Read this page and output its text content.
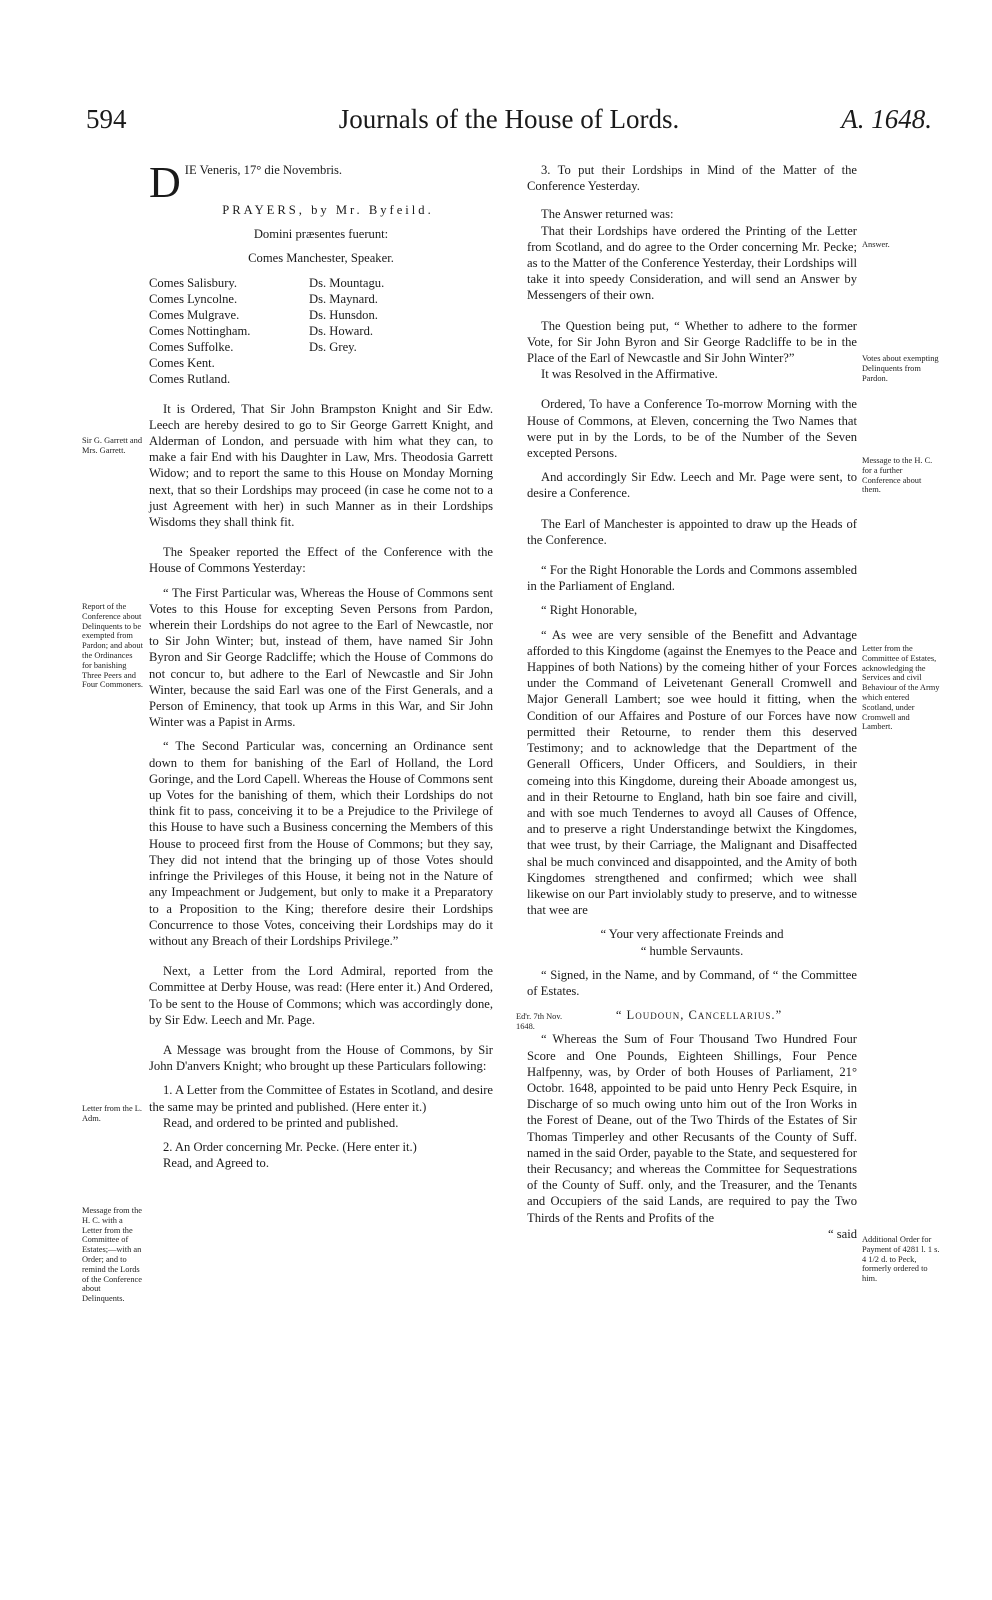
594	Journals of the House of Lords.	A. 1648.

D IE Veneris, 17° die Novembris.

PRAYERS, by Mr. Byfeild.

Domini præsentes fuerunt:

Comes Manchester, Speaker.

Comes Salisbury.
Comes Lyncolne.
Comes Mulgrave.
Comes Nottingham.
Comes Suffolke.
Comes Kent.
Comes Rutland.
Ds. Mountagu.
Ds. Maynard.
Ds. Hunsdon.
Ds. Howard.
Ds. Grey.

It is Ordered, That Sir John Brampston Knight and Sir Edw. Leech are hereby desired to go to Sir George Garrett Knight, and Alderman of London, and persuade with him what they can, to make a fair End with his Daughter in Law, Mrs. Theodosia Garrett Widow; and to report the same to this House on Monday Morning next, that so their Lordships may proceed (in case he come not to a just Agreement with her) in such Manner as in their Lordships Wisdoms they shall think fit.

The Speaker reported the Effect of the Conference with the House of Commons Yesterday:

“ The First Particular was, Whereas the House of Commons sent Votes to this House for excepting Seven Persons from Pardon, wherein their Lordships do not agree to the Earl of Newcastle, nor to Sir John Winter; but, instead of them, have named Sir John Byron and Sir George Radcliffe; which the House of Commons do not concur to, but adhere to the Earl of Newcastle and Sir John Winter, because the said Earl was one of the First Generals, and a Person of Eminency, that took up Arms in this War, and Sir John Winter was a Papist in Arms.

“ The Second Particular was, concerning an Ordinance sent down to them for banishing of the Earl of Holland, the Lord Goringe, and the Lord Capell. Whereas the House of Commons sent up Votes for the banishing of them, which their Lordships do not think fit to pass, conceiving it to be a Prejudice to the Privilege of this House to have such a Business concerning the Members of this House to proceed first from the House of Commons; but they say, They did not intend that the bringing up of those Votes should infringe the Privileges of this House, it being not in the Nature of any Impeachment or Judgement, but only to make it a Preparatory to a Proposition to the King; therefore desire their Lordships Concurrence to those Votes, conceiving their Lordships may do it without any Breach of their Lordships Privilege.”

Next, a Letter from the Lord Admiral, reported from the Committee at Derby House, was read: (Here enter it.) And Ordered, To be sent to the House of Commons; which was accordingly done, by Sir Edw. Leech and Mr. Page.

A Message was brought from the House of Commons, by Sir John D'anvers Knight; who brought up these Particulars following:

1. A Letter from the Committee of Estates in Scotland, and desire the same may be printed and published. (Here enter it.)

Read, and ordered to be printed and published.

2. An Order concerning Mr. Pecke. (Here enter it.)

Read, and Agreed to.

3. To put their Lordships in Mind of the Matter of the Conference Yesterday.

The Answer returned was:

That their Lordships have ordered the Printing of the Letter from Scotland, and do agree to the Order concerning Mr. Pecke; as to the Matter of the Conference Yesterday, their Lordships will take it into speedy Consideration, and will send an Answer by Messengers of their own.

The Question being put, “ Whether to adhere to the former Vote, for Sir John Byron and Sir George Radcliffe to be in the Place of the Earl of Newcastle and Sir John Winter?”

It was Resolved in the Affirmative.

Ordered, To have a Conference To-morrow Morning with the House of Commons, at Eleven, concerning the Two Names that were put in by the Lords, to be of the Number of the Seven excepted Persons.

And accordingly Sir Edw. Leech and Mr. Page were sent, to desire a Conference.

The Earl of Manchester is appointed to draw up the Heads of the Conference.

“ For the Right Honorable the Lords and Commons assembled in the Parliament of England.

“ Right Honorable,

“ As wee are very sensible of the Benefitt and Advantage afforded to this Kingdome (against the Enemyes to the Peace and Happines of both Nations) by the comeing hither of your Forces under the Command of Leivetenant Generall Cromwell and Major Generall Lambert; soe wee hould it fitting, when the Condition of our Affaires and Posture of our Forces have now permitted their Retourne, to render them this deserved Testimony; and to acknowledge that the Department of the Generall Officers, Under Officers, and Souldiers, in their comeing into this Kingdome, dureing their Aboade amongest us, and in their Retourne to England, hath bin soe faire and civill, and with soe much Tendernes to avoyd all Causes of Offence, and to preserve a right Understandinge betwixt the Kingdomes, that wee trust, by their Carriage, the Malignant and Disaffected shal be much convinced and disappointed, and the Amity of both Kingdomes strengthened and confirmed; which wee shall likewise on our Part inviolably study to preserve, and to witnesse that wee are

“ Your very affectionate Freinds and

“ humble Servaunts.

“ Signed, in the Name, and by Command, of “ the Committee of Estates.

“ Loudoun, Cancellarius.”

“ Whereas the Sum of Four Thousand Two Hundred Four Score and One Pounds, Eighteen Shillings, Four Pence Halfpenny, was, by Order of both Houses of Parliament, 21° Octobr. 1648, appointed to be paid unto Henry Peck Esquire, in Discharge of so much owing unto him out of the Iron Works in the Forest of Deane, out of the Two Thirds of the Estates of Sir Thomas Timperley and other Recusants of the County of Suff. named in the said Order, payable to the State, and sequestered for their Recusancy; and whereas the Committee for Sequestrations of the County of Suff. only, and the Treasurer, and the Tenants and Occupiers of the said Lands, are required to pay the Two Thirds of the Rents and Profits of the

“ said

Sir G. Garrett and Mrs. Garrett.
Report of the Conference about Delinquents to be exempted from Pardon; and about the Ordinances for banishing Three Peers and Four Commoners.
Letter from the L. Adm.
Message from the H. C. with a Letter from the Committee of Estates;—with an Order; and to remind the Lords of the Conference about Delinquents.
Answer.
Votes about exempting Delinquents from Pardon.
Message to the H. C. for a further Conference about them.
Letter from the Committee of Estates, acknowledging the Services and civil Behaviour of the Army which entered Scotland, under Cromwell and Lambert.
Ed'r. 7th Nov. 1648.
Additional Order for Payment of 4281 l. 1 s. 4 1/2 d. to Peck, formerly ordered to him.
